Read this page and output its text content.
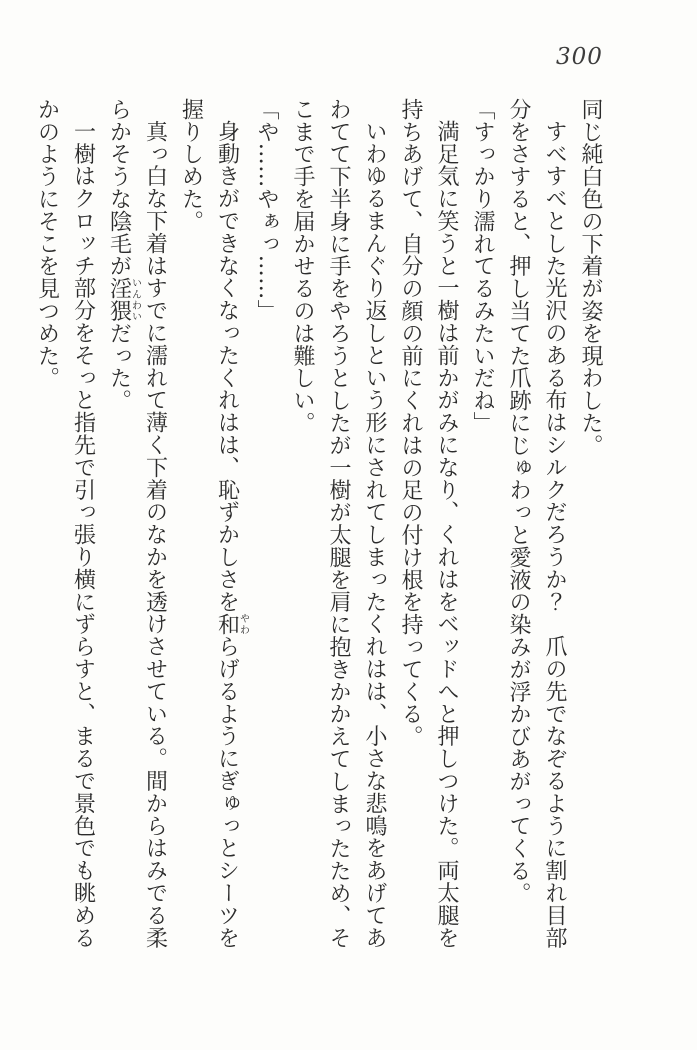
300

同じ純白色の下着が姿を現わした。

すべすべとした光沢のある布はシルクだろうか？　爪の先でなぞるように割れ目部分をさすると、押し当てた爪跡にじゅわっと愛液の染みが浮かびあがってくる。

「すっかり濡れてるみたいだね」

満足気に笑うと一樹は前かがみになり、くれはをベッドへと押しつけた。両太腿を持ちあげて、自分の顔の前にくれはの足の付け根を持ってくる。

いわゆるまんぐり返しという形にされてしまったくれはは、小さな悲鳴をあげてあわてて下半身に手をやろうとしたが一樹が太腿を肩に抱きかかえてしまったため、そこまで手を届かせるのは難しい。

「や……やぁっ……」

身動きができなくなったくれはは、恥ずかしさを和やわらげるようにぎゅっとシーツを握りしめた。

真っ白な下着はすでに濡れて薄く下着のなかを透けさせている。間からはみでる柔らかそうな陰毛が淫猥いんわいだった。

一樹はクロッチ部分をそっと指先で引っ張り横にずらすと、まるで景色でも眺めるかのようにそこを見つめた。
